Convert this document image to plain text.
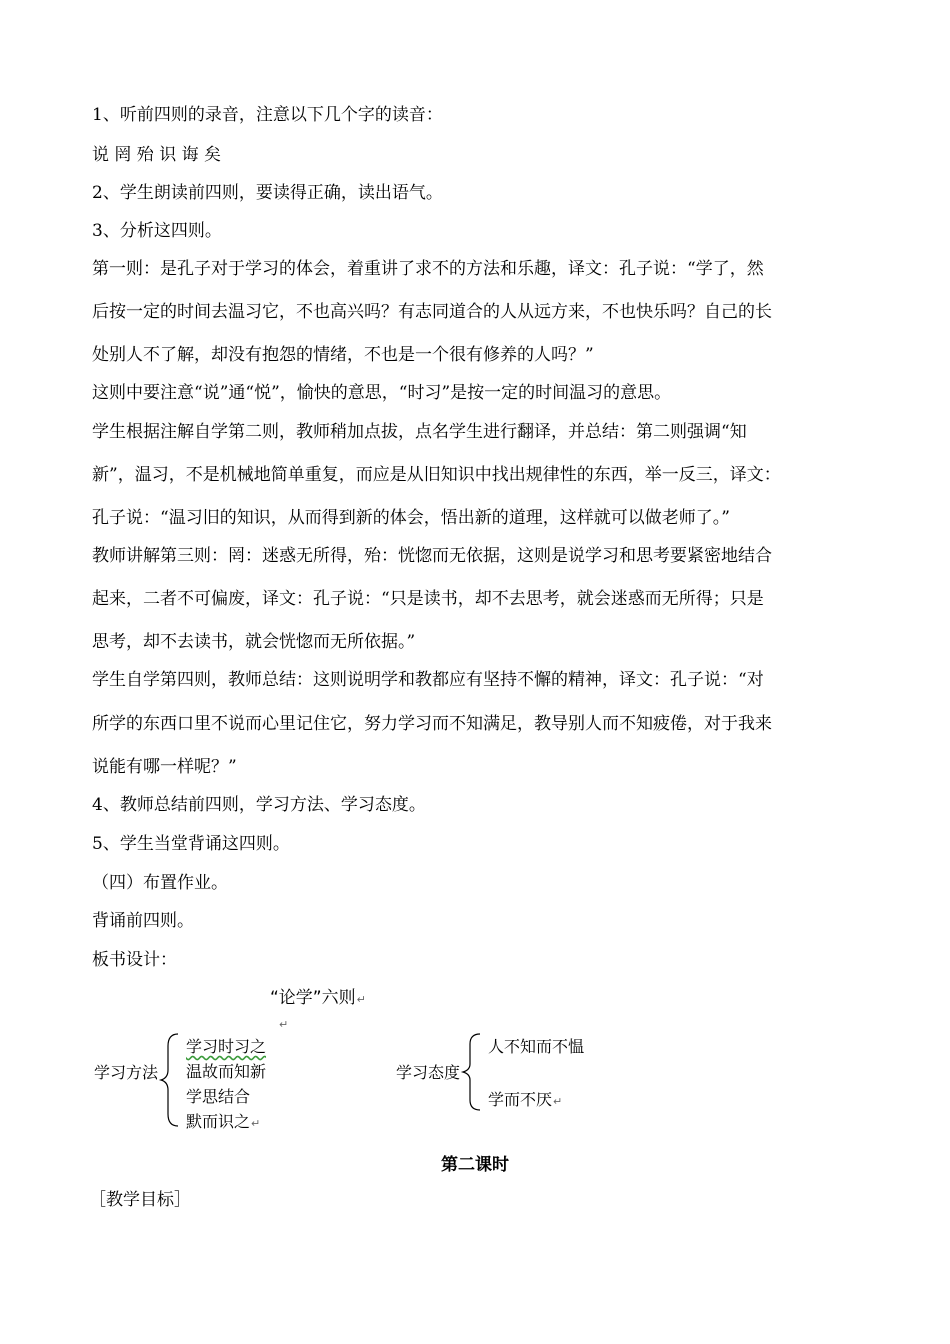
1、听前四则的录音，注意以下几个字的读音：
说 罔 殆 识 诲 矣
2、学生朗读前四则，要读得正确，读出语气。
3、分析这四则。
第一则：是孔子对于学习的体会，着重讲了求不的方法和乐趣，译文：孔子说：“学了，然
后按一定的时间去温习它，不也高兴吗？有志同道合的人从远方来，不也快乐吗？自己的长
处别人不了解，却没有抱怨的情绪，不也是一个很有修养的人吗？”
这则中要注意“说”通“悦”，愉快的意思，“时习”是按一定的时间温习的意思。
学生根据注解自学第二则，教师稍加点拔，点名学生进行翻译，并总结：第二则强调“知
新”，温习，不是机械地简单重复，而应是从旧知识中找出规律性的东西，举一反三，译文：
孔子说：“温习旧的知识，从而得到新的体会，悟出新的道理，这样就可以做老师了。”
教师讲解第三则：罔：迷惑无所得，殆：恍惚而无依据，这则是说学习和思考要紧密地结合
起来，二者不可偏废，译文：孔子说：“只是读书，却不去思考，就会迷惑而无所得；只是
思考，却不去读书，就会恍惚而无所依据。”
学生自学第四则，教师总结：这则说明学和教都应有坚持不懈的精神，译文：孔子说：“对
所学的东西口里不说而心里记住它，努力学习而不知满足，教导别人而不知疲倦，对于我来
说能有哪一样呢？”
4、教师总结前四则，学习方法、学习态度。
5、学生当堂背诵这四则。
（四）布置作业。
背诵前四则。
板书设计：
“论学”六则↵
↵
学习方法
学习时习之
温故而知新
学思结合
默而识之↵
学习态度
人不知而不愠
学而不厌↵
第二课时
［教学目标］
